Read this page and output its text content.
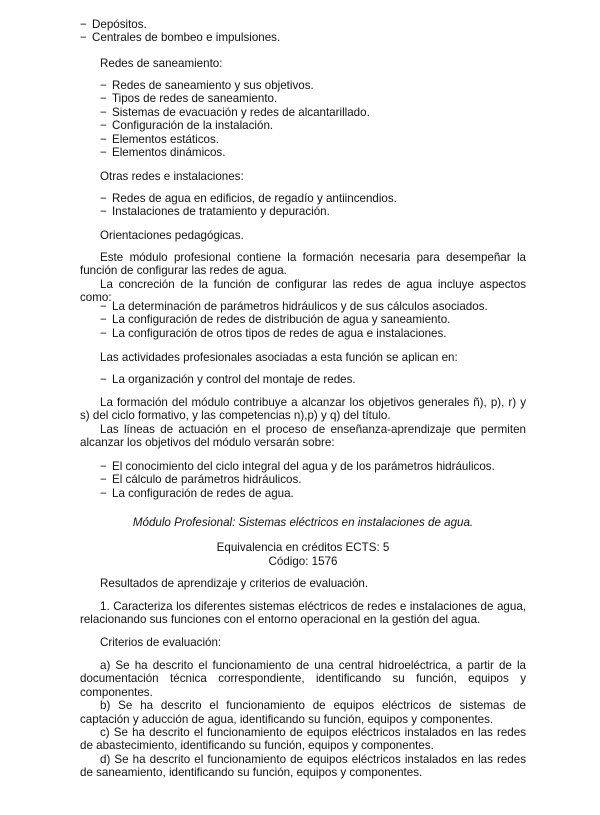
− Depósitos.
− Centrales de bombeo e impulsiones.

Redes de saneamiento:

− Redes de saneamiento y sus objetivos.
− Tipos de redes de saneamiento.
− Sistemas de evacuación y redes de alcantarillado.
− Configuración de la instalación.
− Elementos estáticos.
− Elementos dinámicos.

Otras redes e instalaciones:

− Redes de agua en edificios, de regadío y antiincendios.
− Instalaciones de tratamiento y depuración.

Orientaciones pedagógicas.

Este módulo profesional contiene la formación necesaria para desempeñar la función de configurar las redes de agua.

La concreción de la función de configurar las redes de agua incluye aspectos como:

− La determinación de parámetros hidráulicos y de sus cálculos asociados.
− La configuración de redes de distribución de agua y saneamiento.
− La configuración de otros tipos de redes de agua e instalaciones.

Las actividades profesionales asociadas a esta función se aplican en:

− La organización y control del montaje de redes.

La formación del módulo contribuye a alcanzar los objetivos generales ñ), p), r) y s) del ciclo formativo, y las competencias n),p) y q) del título.

Las líneas de actuación en el proceso de enseñanza-aprendizaje que permiten alcanzar los objetivos del módulo versarán sobre:

− El conocimiento del ciclo integral del agua y de los parámetros hidráulicos.
− El cálculo de parámetros hidráulicos.
− La configuración de redes de agua.

Módulo Profesional: Sistemas eléctricos en instalaciones de agua.

Equivalencia en créditos ECTS: 5

Código: 1576

Resultados de aprendizaje y criterios de evaluación.

1. Caracteriza los diferentes sistemas eléctricos de redes e instalaciones de agua, relacionando sus funciones con el entorno operacional en la gestión del agua.

Criterios de evaluación:

a) Se ha descrito el funcionamiento de una central hidroeléctrica, a partir de la documentación técnica correspondiente, identificando su función, equipos y componentes.

b) Se ha descrito el funcionamiento de equipos eléctricos de sistemas de captación y aducción de agua, identificando su función, equipos y componentes.

c) Se ha descrito el funcionamiento de equipos eléctricos instalados en las redes de abastecimiento, identificando su función, equipos y componentes.

d) Se ha descrito el funcionamiento de equipos eléctricos instalados en las redes de saneamiento, identificando su función, equipos y componentes.
